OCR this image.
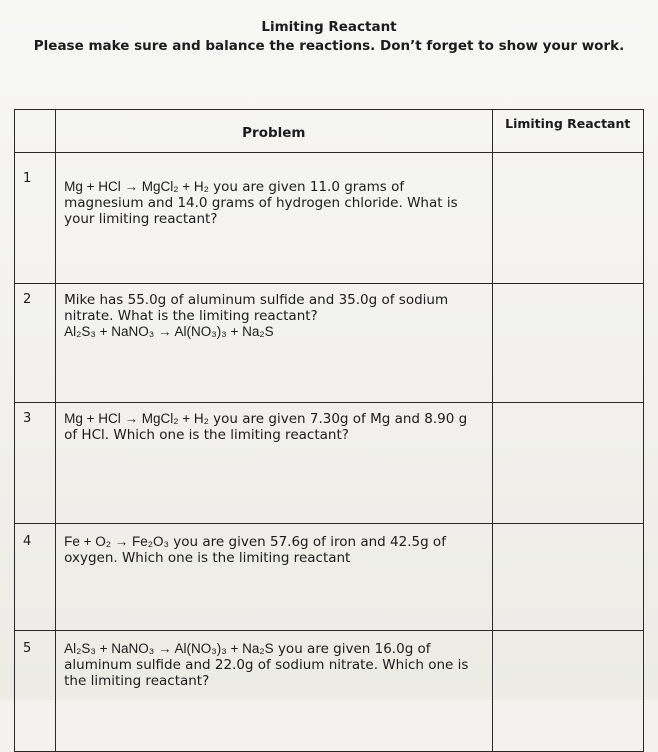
Limiting Reactant
Please make sure and balance the reactions. Don’t forget to show your work.
	Problem	Limiting Reactant
1	Mg + HCl → MgCl₂ + H₂ you are given 11.0 grams of magnesium and 14.0 grams of hydrogen chloride. What is your limiting reactant?	
2	Mike has 55.0g of aluminum sulfide and 35.0g of sodium nitrate. What is the limiting reactant?
Al₂S₃ + NaNO₃ → Al(NO₃)₃ + Na₂S	

3	Mg + HCl → MgCl₂ + H₂ you are given 7.30g of Mg and 8.90 g of HCl. Which one is the limiting reactant?	
4	Fe + O₂ → Fe₂O₃ you are given 57.6g of iron and 42.5g of oxygen. Which one is the limiting reactant	
5	Al₂S₃ + NaNO₃ → Al(NO₃)₃ + Na₂S you are given 16.0g of aluminum sulfide and 22.0g of sodium nitrate. Which one is the limiting reactant?	
